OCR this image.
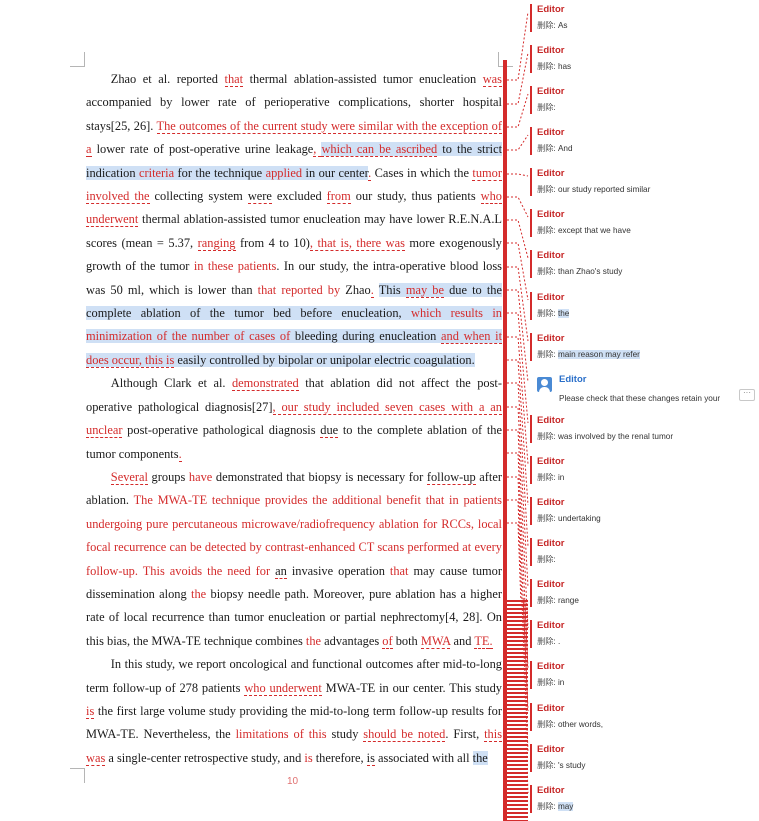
Zhao et al. reported that thermal ablation-assisted tumor enucleation was accompanied by lower rate of perioperative complications, shorter hospital stays[25, 26]. The outcomes of the current study were similar with the exception of a lower rate of post-operative urine leakage, which can be ascribed to the strict indication criteria for the technique applied in our center. Cases in which the tumor involved the collecting system were excluded from our study, thus patients who underwent thermal ablation-assisted tumor enucleation may have lower R.E.N.A.L scores (mean = 5.37, ranging from 4 to 10), that is, there was more exogenously growth of the tumor in these patients. In our study, the intra-operative blood loss was 50 ml, which is lower than that reported by Zhao. This may be due to the complete ablation of the tumor bed before enucleation, which results in minimization of the number of cases of bleeding during enucleation and when it does occur, this is easily controlled by bipolar or unipolar electric coagulation.

Although Clark et al. demonstrated that ablation did not affect the post-operative pathological diagnosis[27], our study included seven cases with a an unclear post-operative pathological diagnosis due to the complete ablation of the tumor components.

Several groups have demonstrated that biopsy is necessary for follow-up after ablation. The MWA-TE technique provides the additional benefit that in patients undergoing pure percutaneous microwave/radiofrequency ablation for RCCs, local focal recurrence can be detected by contrast-enhanced CT scans performed at every follow-up. This avoids the need for an invasive operation that may cause tumor dissemination along the biopsy needle path. Moreover, pure ablation has a higher rate of local recurrence than tumor enucleation or partial nephrectomy[4, 28]. On this bias, the MWA-TE technique combines the advantages of both MWA and TE.

In this study, we report oncological and functional outcomes after mid-to-long term follow-up of 278 patients who underwent MWA-TE in our center. This study is the first large volume study providing the mid-to-long term follow-up results for MWA-TE. Nevertheless, the limitations of this study should be noted. First, this was a single-center retrospective study, and is therefore, is associated with all the

10
Editor
删除: As
Editor
删除: has
Editor
删除:
Editor
删除: And
Editor
删除: our study reported similar
Editor
删除: except that we have
Editor
删除: than Zhao's study
Editor
删除: the
Editor
删除: main reason may refer
Editor
Please check that these changes retain your
···
Editor
删除: was involved by the renal tumor
Editor
删除: in
Editor
删除: undertaking
Editor
删除:
Editor
删除: range
Editor
删除: .
Editor
删除: in
Editor
删除: other words,
Editor
删除: 's study
Editor
删除: may
